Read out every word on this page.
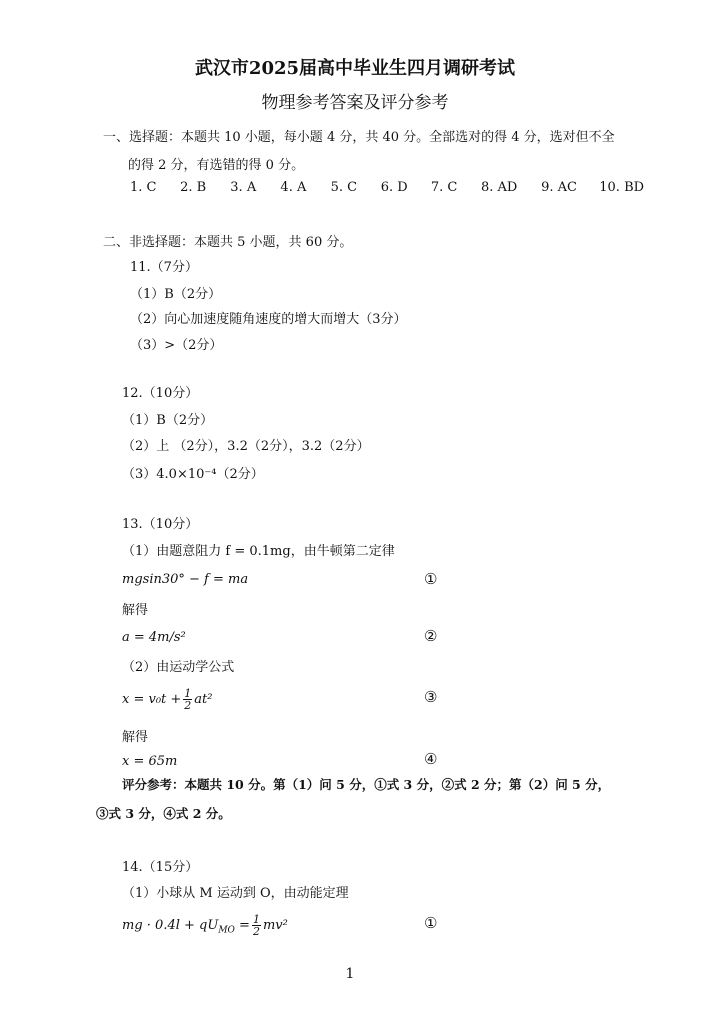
武汉市2025届高中毕业生四月调研考试
物理参考答案及评分参考
一、选择题：本题共 10 小题，每小题 4 分，共 40 分。全部选对的得 4 分，选对但不全
的得 2 分，有选错的得 0 分。
1. C 2. B 3. A 4. A 5. C 6. D 7. C 8. AD 9. AC 10. BD
二、非选择题：本题共 5 小题，共 60 分。
11.（7分）
（1）B（2分）
（2）向心加速度随角速度的增大而增大（3分）
（3）>（2分）
12.（10分）
（1）B（2分）
（2）上 （2分），3.2（2分），3.2（2分）
（3）4.0×10⁻⁴（2分）
13.（10分）
（1）由题意阻力 f = 0.1mg，由牛顿第二定律
mgsin30° − f = ma	①
解得
a = 4m/s²	②
（2）由运动学公式
$x = v_0t + \frac{1}{2} at^2$	③
解得
x = 65m	④
评分参考：本题共 10 分。第（1）问 5 分，①式 3 分，②式 2 分；第（2）问 5 分，
③式 3 分，④式 2 分。
14.（15分）
（1）小球从 M 运动到 O，由动能定理
mg · $0.4l + qU_{MO} = \frac{1}{2} mv^2$	①
1
